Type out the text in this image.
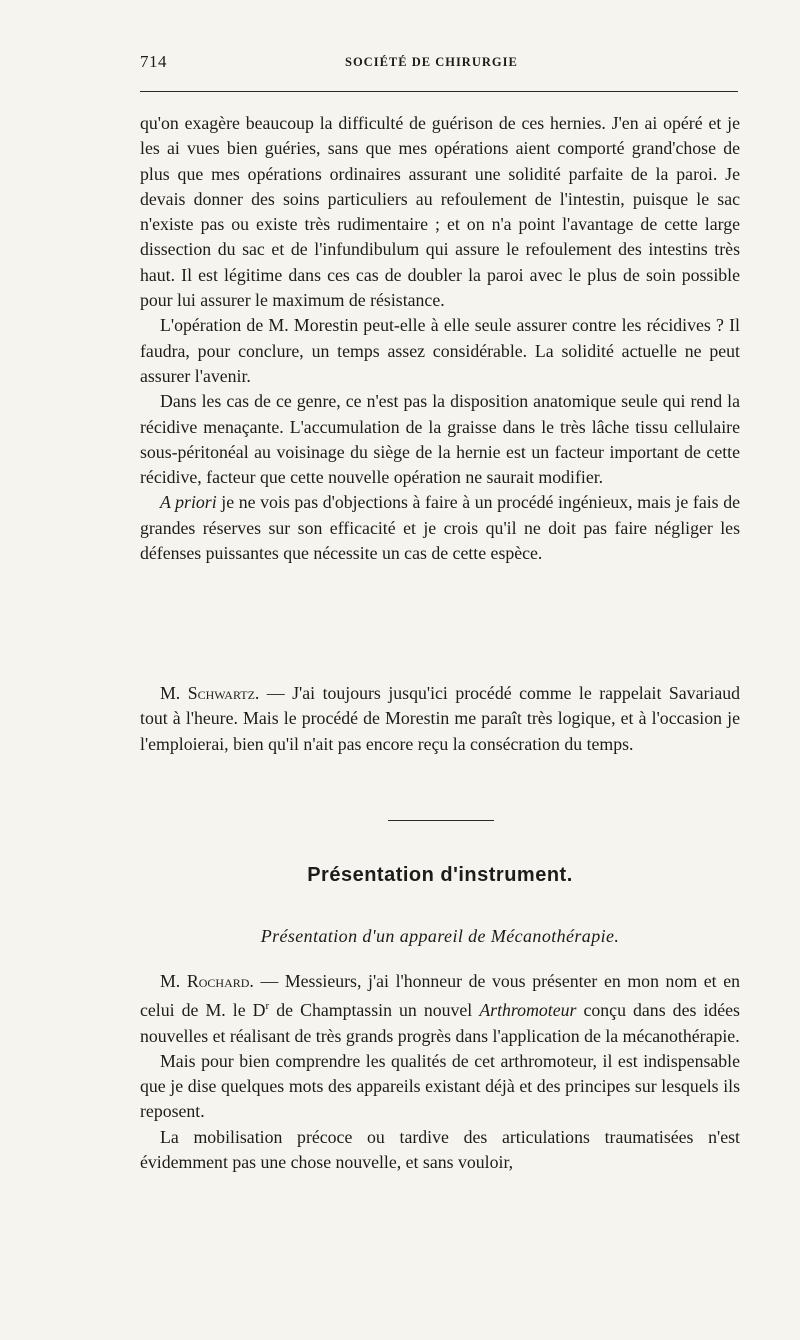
714	SOCIÉTÉ DE CHIRURGIE

qu'on exagère beaucoup la difficulté de guérison de ces hernies. J'en ai opéré et je les ai vues bien guéries, sans que mes opérations aient comporté grand'chose de plus que mes opérations ordinaires assurant une solidité parfaite de la paroi. Je devais donner des soins particuliers au refoulement de l'intestin, puisque le sac n'existe pas ou existe très rudimentaire ; et on n'a point l'avantage de cette large dissection du sac et de l'infundibulum qui assure le refoulement des intestins très haut. Il est légitime dans ces cas de doubler la paroi avec le plus de soin possible pour lui assurer le maximum de résistance.

L'opération de M. Morestin peut-elle à elle seule assurer contre les récidives ? Il faudra, pour conclure, un temps assez considérable. La solidité actuelle ne peut assurer l'avenir.

Dans les cas de ce genre, ce n'est pas la disposition anatomique seule qui rend la récidive menaçante. L'accumulation de la graisse dans le très lâche tissu cellulaire sous-péritonéal au voisinage du siège de la hernie est un facteur important de cette récidive, facteur que cette nouvelle opération ne saurait modifier.

A priori je ne vois pas d'objections à faire à un procédé ingénieux, mais je fais de grandes réserves sur son efficacité et je crois qu'il ne doit pas faire négliger les défenses puissantes que nécessite un cas de cette espèce.

M. Schwartz. — J'ai toujours jusqu'ici procédé comme le rappelait Savariaud tout à l'heure. Mais le procédé de Morestin me paraît très logique, et à l'occasion je l'emploierai, bien qu'il n'ait pas encore reçu la consécration du temps.

Présentation d'instrument.
Présentation d'un appareil de Mécanothérapie.

M. Rochard. — Messieurs, j'ai l'honneur de vous présenter en mon nom et en celui de M. le $D^r$ de Champtassin un nouvel Arthromoteur conçu dans des idées nouvelles et réalisant de très grands progrès dans l'application de la mécanothérapie.

Mais pour bien comprendre les qualités de cet arthromoteur, il est indispensable que je dise quelques mots des appareils existant déjà et des principes sur lesquels ils reposent.

La mobilisation précoce ou tardive des articulations traumatisées n'est évidemment pas une chose nouvelle, et sans vouloir,
